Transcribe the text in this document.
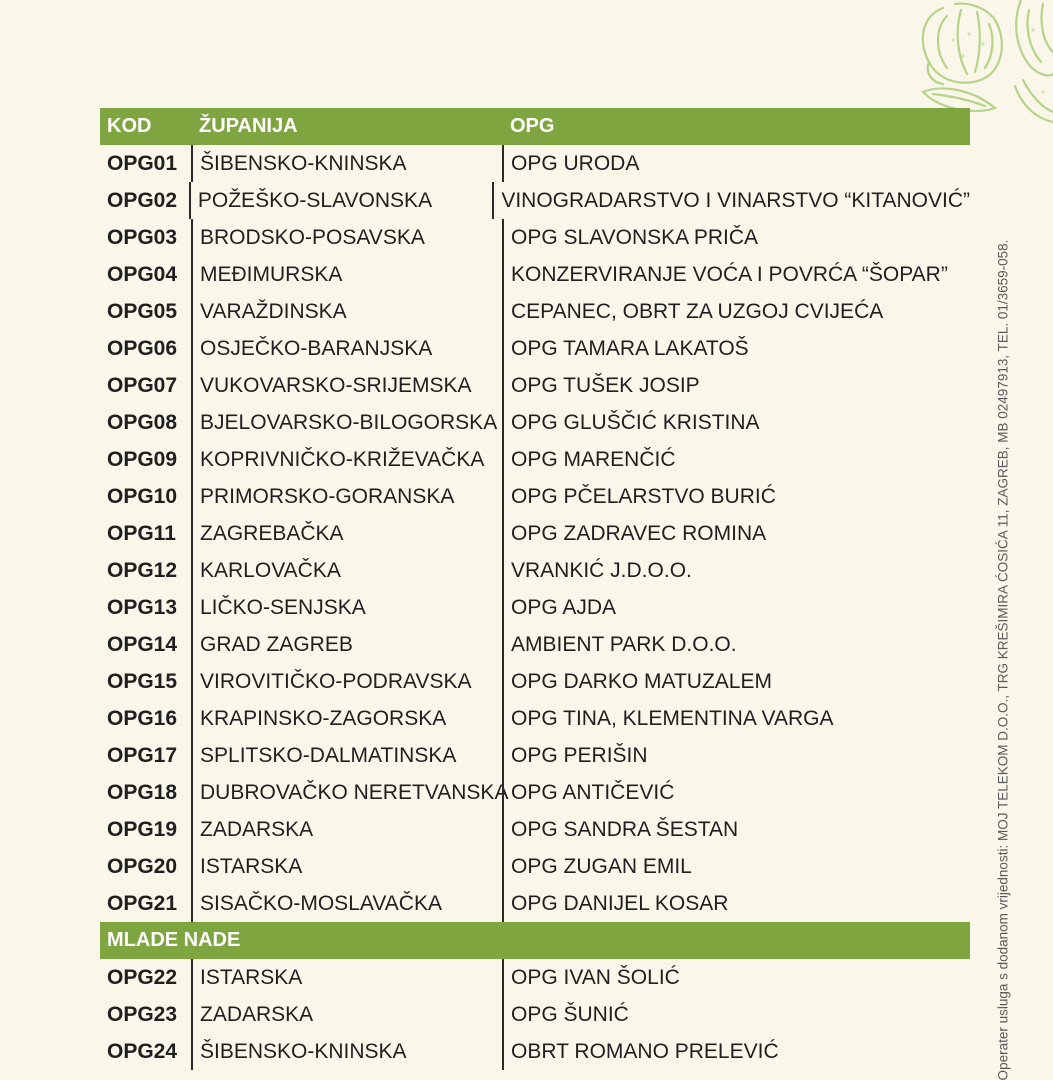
KOD	ŽUPANIJA	OPG
OPG01	ŠIBENSKO-KNINSKA	OPG URODA
OPG02 POŽEŠKO-SLAVONSKA	VINOGRADARSTVO I VINARSTVO “KITANOVIĆ”
OPG03	BRODSKO-POSAVSKA	OPG SLAVONSKA PRIČA
OPG04	MEĐIMURSKA	KONZERVIRANJE VOĆA I POVRĆA “ŠOPAR”
OPG05	VARAŽDINSKA	CEPANEC, OBRT ZA UZGOJ CVIJEĆA
OPG06	OSJEČKO-BARANJSKA	OPG TAMARA LAKATOŠ
OPG07	VUKOVARSKO-SRIJEMSKA	OPG TUŠEK JOSIP
OPG08	BJELOVARSKO-BILOGORSKA OPG GLUŠČIĆ KRISTINA
OPG09	KOPRIVNIČKO-KRIŽEVAČKA	OPG MARENČIĆ
OPG10	PRIMORSKO-GORANSKA	OPG PČELARSTVO BURIĆ
OPG11	ZAGREBAČKA	OPG ZADRAVEC ROMINA
OPG12	KARLOVAČKA	VRANKIĆ J.D.O.O.
OPG13	LIČKO-SENJSKA	OPG AJDA
OPG14	GRAD ZAGREB	AMBIENT PARK D.O.O.
OPG15	VIROVITIČKO-PODRAVSKA	OPG DARKO MATUZALEM
OPG16	KRAPINSKO-ZAGORSKA	OPG TINA, KLEMENTINA VARGA
OPG17	SPLITSKO-DALMATINSKA	OPG PERIŠIN
OPG18	DUBROVAČKO NERETVANSKA OPG ANTIČEVIĆ
OPG19	ZADARSKA	OPG SANDRA ŠESTAN
OPG20	ISTARSKA	OPG ZUGAN EMIL
OPG21	SISAČKO-MOSLAVAČKA	OPG DANIJEL KOSAR
MLADE NADE
OPG22	ISTARSKA	OPG IVAN ŠOLIĆ
OPG23	ZADARSKA	OPG ŠUNIĆ
OPG24	ŠIBENSKO-KNINSKA	OBRT ROMANO PRELEVIĆ	Operater usluga s dodanom vrijednosti: MOJ TELEKOM D.O.O., TRG KREŠIMIRA ĆOSIĆA 11, ZAGREB, MB 02497913, TEL. 01/3659-058.
